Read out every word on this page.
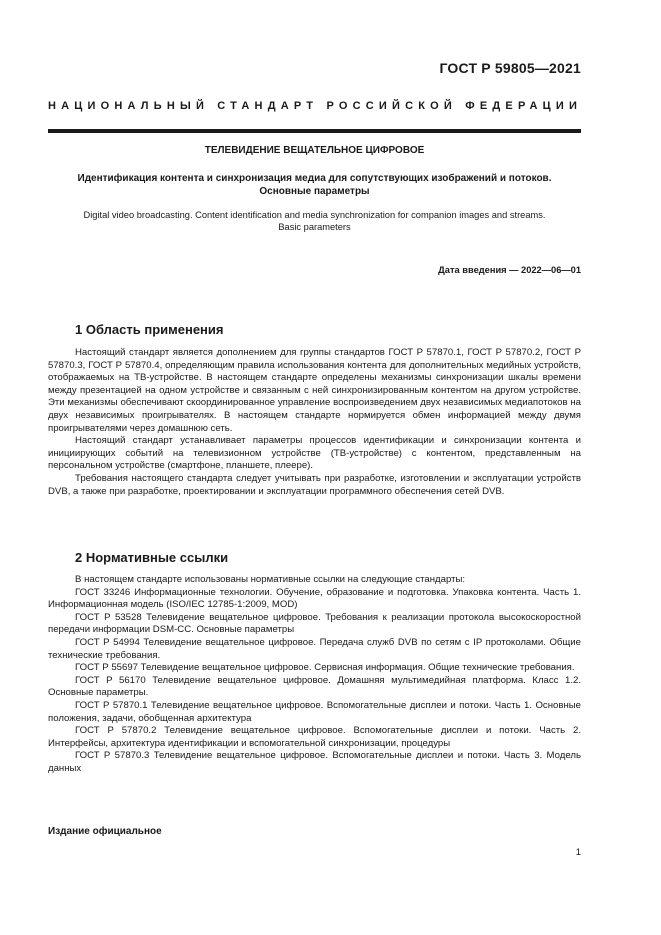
ГОСТ Р 59805—2021
НАЦИОНАЛЬНЫЙ СТАНДАРТ РОССИЙСКОЙ ФЕДЕРАЦИИ
ТЕЛЕВИДЕНИЕ ВЕЩАТЕЛЬНОЕ ЦИФРОВОЕ
Идентификация контента и синхронизация медиа для сопутствующих изображений и потоков.
Основные параметры
Digital video broadcasting. Content identification and media synchronization for companion images and streams.
Basic parameters
Дата введения — 2022—06—01
1 Область применения

Настоящий стандарт является дополнением для группы стандартов ГОСТ Р 57870.1, ГОСТ Р 57870.2, ГОСТ Р 57870.3, ГОСТ Р 57870.4, определяющим правила использования контента для дополнительных медийных устройств, отображаемых на ТВ-устройстве. В настоящем стандарте определены механизмы синхронизации шкалы времени между презентацией на одном устройстве и связанным с ней синхронизированным контентом на другом устройстве. Эти механизмы обеспечивают скоординированное управление воспроизведением двух независимых медиапотоков на двух независимых проигрывателях. В настоящем стандарте нормируется обмен информацией между двумя проигрывателями через домашнюю сеть.

Настоящий стандарт устанавливает параметры процессов идентификации и синхронизации контента и инициирующих событий на телевизионном устройстве (ТВ-устройстве) с контентом, представленным на персональном устройстве (смартфоне, планшете, плеере).

Требования настоящего стандарта следует учитывать при разработке, изготовлении и эксплуатации устройств DVB, а также при разработке, проектировании и эксплуатации программного обеспечения сетей DVB.

2 Нормативные ссылки

В настоящем стандарте использованы нормативные ссылки на следующие стандарты:

ГОСТ 33246 Информационные технологии. Обучение, образование и подготовка. Упаковка контента. Часть 1. Информационная модель (ISO/IEC 12785-1:2009, MOD)

ГОСТ Р 53528 Телевидение вещательное цифровое. Требования к реализации протокола высокоскоростной передачи информации DSM-CC. Основные параметры

ГОСТ Р 54994 Телевидение вещательное цифровое. Передача служб DVB по сетям с IP протоколами. Общие технические требования.

ГОСТ Р 55697 Телевидение вещательное цифровое. Сервисная информация. Общие технические требования.

ГОСТ Р 56170 Телевидение вещательное цифровое. Домашняя мультимедийная платформа. Класс 1.2. Основные параметры.

ГОСТ Р 57870.1 Телевидение вещательное цифровое. Вспомогательные дисплеи и потоки. Часть 1. Основные положения, задачи, обобщенная архитектура

ГОСТ Р 57870.2 Телевидение вещательное цифровое. Вспомогательные дисплеи и потоки. Часть 2. Интерфейсы, архитектура идентификации и вспомогательной синхронизации, процедуры

ГОСТ Р 57870.3 Телевидение вещательное цифровое. Вспомогательные дисплеи и потоки. Часть 3. Модель данных

Издание официальное
1
